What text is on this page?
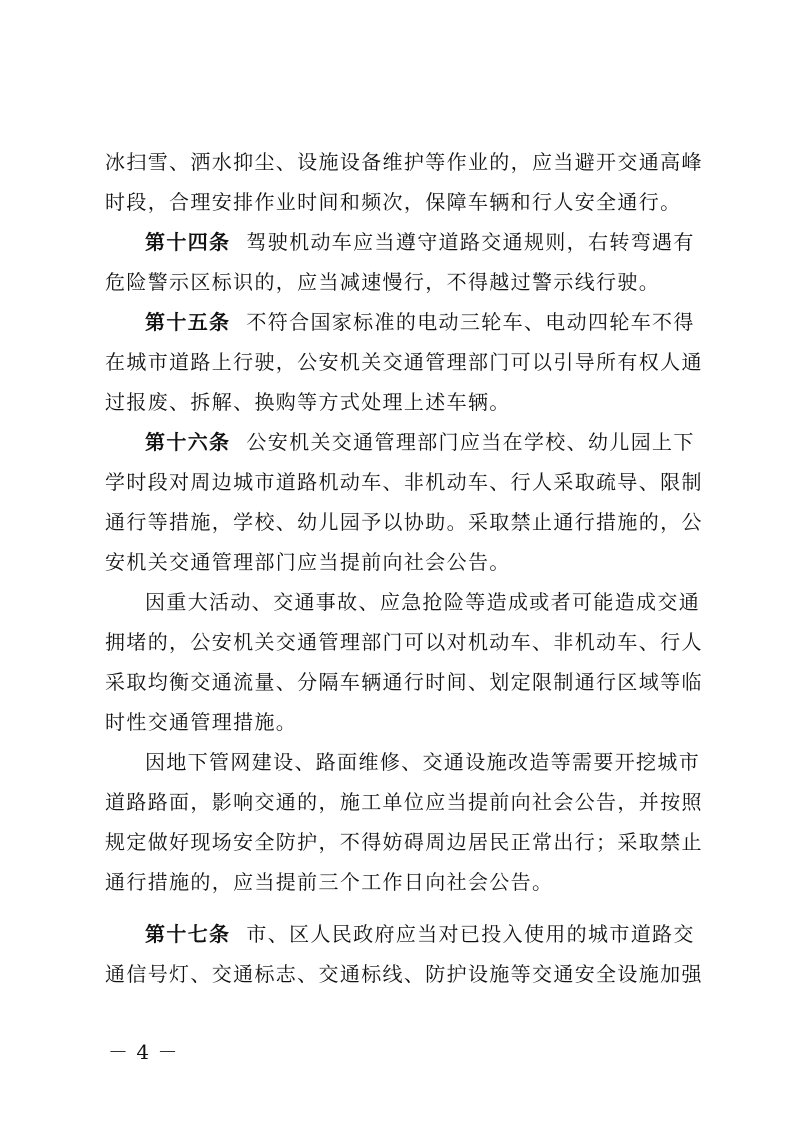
冰扫雪、洒水抑尘、设施设备维护等作业的，应当避开交通高峰
时段，合理安排作业时间和频次，保障车辆和行人安全通行。
第十四条 驾驶机动车应当遵守道路交通规则，右转弯遇有
危险警示区标识的，应当减速慢行，不得越过警示线行驶。
第十五条 不符合国家标准的电动三轮车、电动四轮车不得
在城市道路上行驶，公安机关交通管理部门可以引导所有权人通
过报废、拆解、换购等方式处理上述车辆。
第十六条 公安机关交通管理部门应当在学校、幼儿园上下
学时段对周边城市道路机动车、非机动车、行人采取疏导、限制
通行等措施，学校、幼儿园予以协助。采取禁止通行措施的，公
安机关交通管理部门应当提前向社会公告。
因重大活动、交通事故、应急抢险等造成或者可能造成交通
拥堵的，公安机关交通管理部门可以对机动车、非机动车、行人
采取均衡交通流量、分隔车辆通行时间、划定限制通行区域等临
时性交通管理措施。
因地下管网建设、路面维修、交通设施改造等需要开挖城市
道路路面，影响交通的，施工单位应当提前向社会公告，并按照
规定做好现场安全防护，不得妨碍周边居民正常出行；采取禁止
通行措施的，应当提前三个工作日向社会公告。
第十七条 市、区人民政府应当对已投入使用的城市道路交
通信号灯、交通标志、交通标线、防护设施等交通安全设施加强
－ 4 －
